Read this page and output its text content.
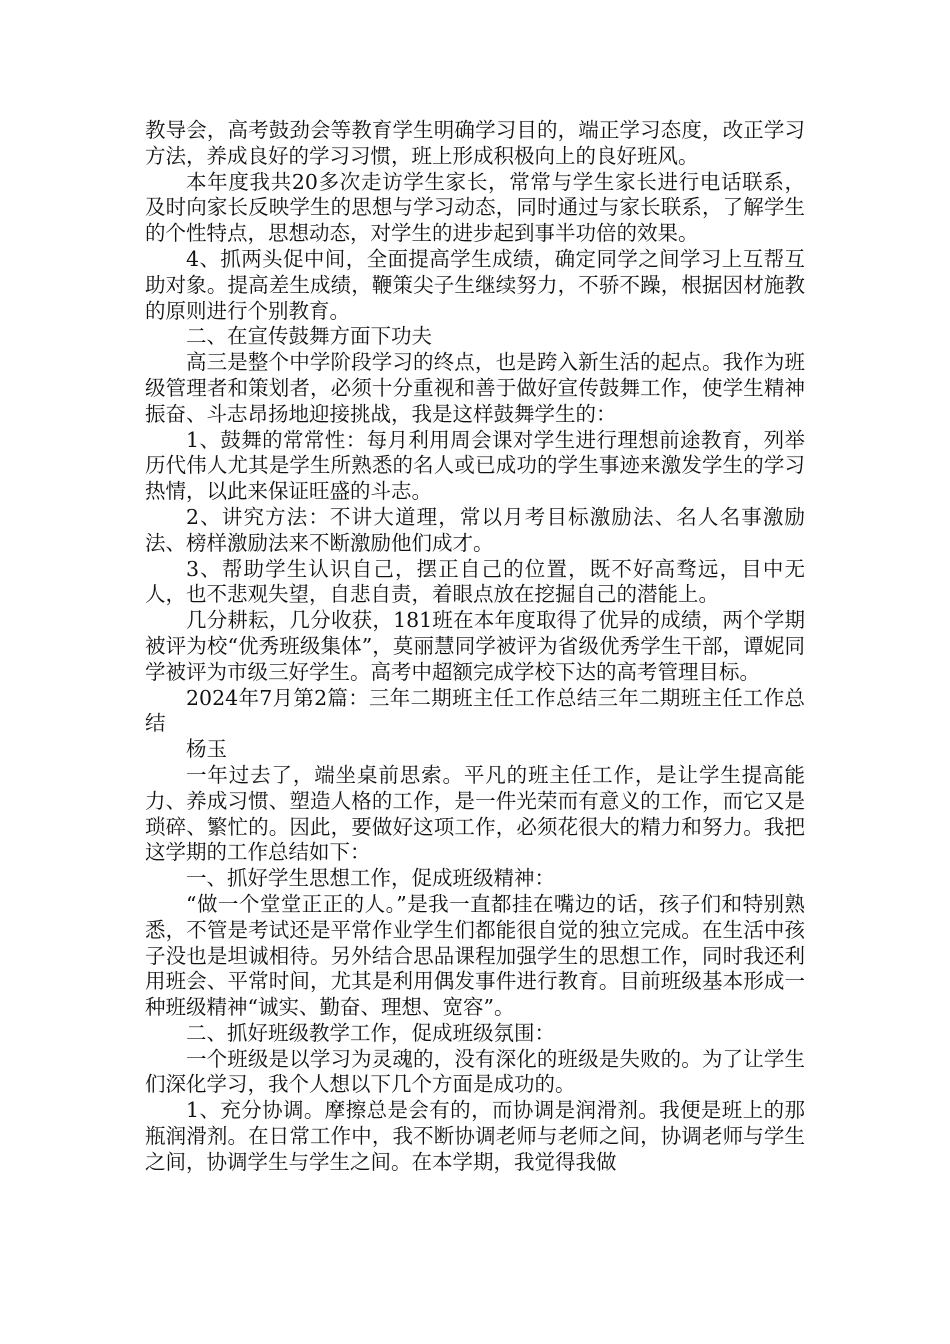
教导会，高考鼓劲会等教育学生明确学习目的，端正学习态度，改正学习方法，养成良好的学习习惯，班上形成积极向上的良好班风。

本年度我共20多次走访学生家长，常常与学生家长进行电话联系，及时向家长反映学生的思想与学习动态，同时通过与家长联系，了解学生的个性特点，思想动态，对学生的进步起到事半功倍的效果。

4、抓两头促中间，全面提高学生成绩，确定同学之间学习上互帮互助对象。提高差生成绩，鞭策尖子生继续努力，不骄不躁，根据因材施教的原则进行个别教育。

二、在宣传鼓舞方面下功夫

高三是整个中学阶段学习的终点，也是跨入新生活的起点。我作为班级管理者和策划者，必须十分重视和善于做好宣传鼓舞工作，使学生精神振奋、斗志昂扬地迎接挑战，我是这样鼓舞学生的：

1、鼓舞的常常性：每月利用周会课对学生进行理想前途教育，列举历代伟人尤其是学生所熟悉的名人或已成功的学生事迹来激发学生的学习热情，以此来保证旺盛的斗志。

2、讲究方法：不讲大道理，常以月考目标激励法、名人名事激励法、榜样激励法来不断激励他们成才。

3、帮助学生认识自己，摆正自己的位置，既不好高骛远，目中无人，也不悲观失望，自悲自责，着眼点放在挖掘自己的潜能上。

几分耕耘，几分收获，181班在本年度取得了优异的成绩，两个学期被评为校“优秀班级集体”，莫丽慧同学被评为省级优秀学生干部，谭妮同学被评为市级三好学生。高考中超额完成学校下达的高考管理目标。

2024年7月第2篇：三年二期班主任工作总结三年二期班主任工作总结

杨玉

一年过去了，端坐桌前思索。平凡的班主任工作，是让学生提高能力、养成习惯、塑造人格的工作，是一件光荣而有意义的工作，而它又是琐碎、繁忙的。因此，要做好这项工作，必须花很大的精力和努力。我把这学期的工作总结如下：

一、抓好学生思想工作，促成班级精神：

“做一个堂堂正正的人。”是我一直都挂在嘴边的话，孩子们和特别熟悉，不管是考试还是平常作业学生们都能很自觉的独立完成。在生活中孩子没也是坦诚相待。另外结合思品课程加强学生的思想工作，同时我还利用班会、平常时间，尤其是利用偶发事件进行教育。目前班级基本形成一种班级精神“诚实、勤奋、理想、宽容”。

二、抓好班级教学工作，促成班级氛围：

一个班级是以学习为灵魂的，没有深化的班级是失败的。为了让学生们深化学习，我个人想以下几个方面是成功的。

1、充分协调。摩擦总是会有的，而协调是润滑剂。我便是班上的那瓶润滑剂。在日常工作中，我不断协调老师与老师之间，协调老师与学生之间，协调学生与学生之间。在本学期，我觉得我做
